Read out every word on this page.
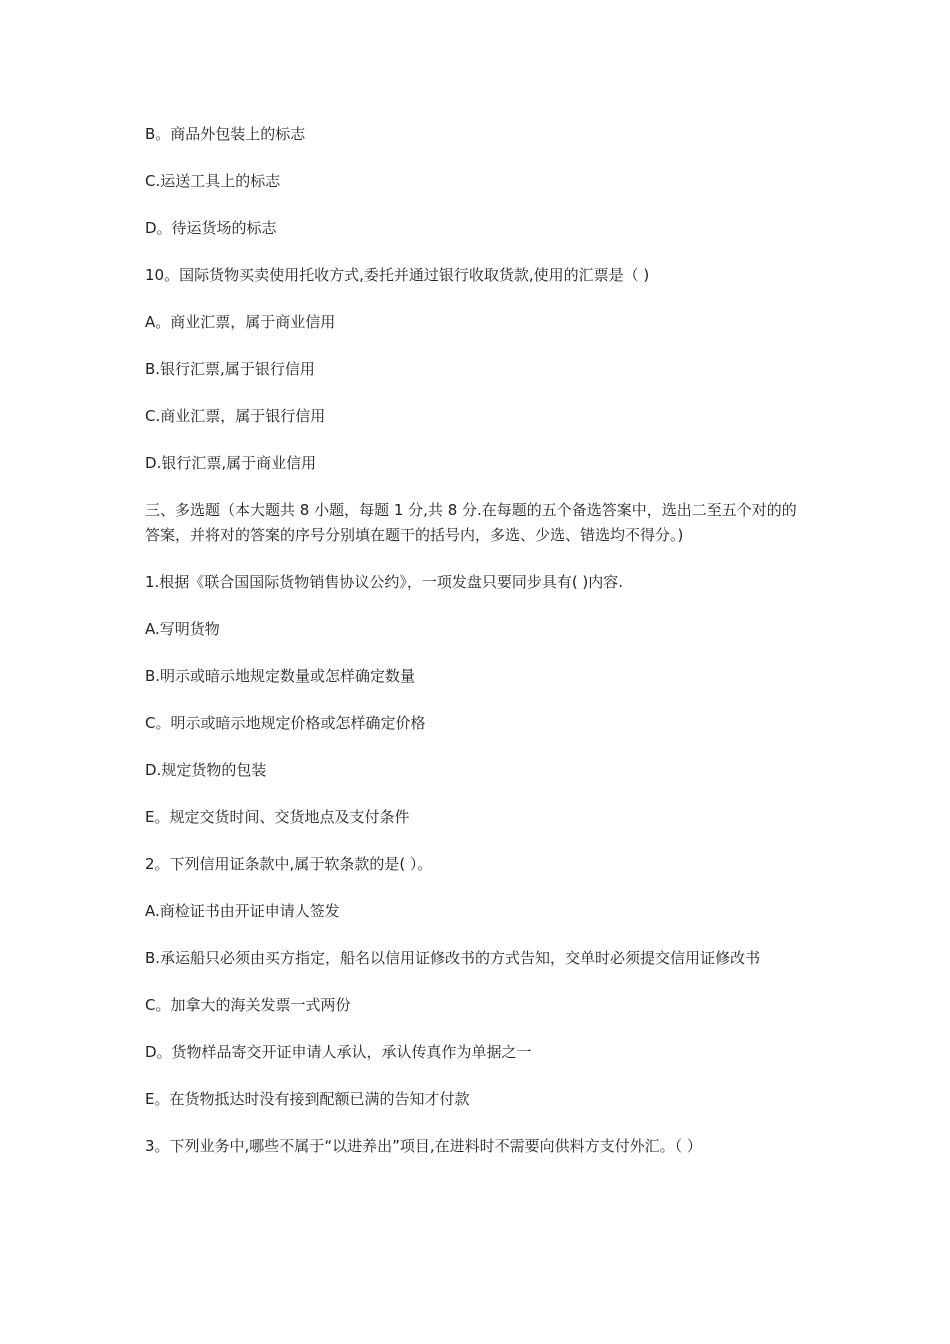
B。商品外包装上的标志

C.运送工具上的标志

D。待运货场的标志

10。国际货物买卖使用托收方式,委托并通过银行收取货款,使用的汇票是（ )

A。商业汇票，属于商业信用

B.银行汇票,属于银行信用

C.商业汇票，属于银行信用

D.银行汇票,属于商业信用

三、多选题（本大题共 8 小题，每题 1 分,共 8 分.在每题的五个备选答案中，选出二至五个对的的答案，并将对的答案的序号分别填在题干的括号内，多选、少选、错选均不得分。)

1.根据《联合国国际货物销售协议公约》，一项发盘只要同步具有( )内容.

A.写明货物

B.明示或暗示地规定数量或怎样确定数量

C。明示或暗示地规定价格或怎样确定价格

D.规定货物的包装

E。规定交货时间、交货地点及支付条件

2。下列信用证条款中,属于软条款的是( ）。

A.商检证书由开证申请人签发

B.承运船只必须由买方指定，船名以信用证修改书的方式告知，交单时必须提交信用证修改书

C。加拿大的海关发票一式两份

D。货物样品寄交开证申请人承认，承认传真作为单据之一

E。在货物抵达时没有接到配额已满的告知才付款

3。下列业务中,哪些不属于“以进养出”项目,在进料时不需要向供料方支付外汇。（ ）
